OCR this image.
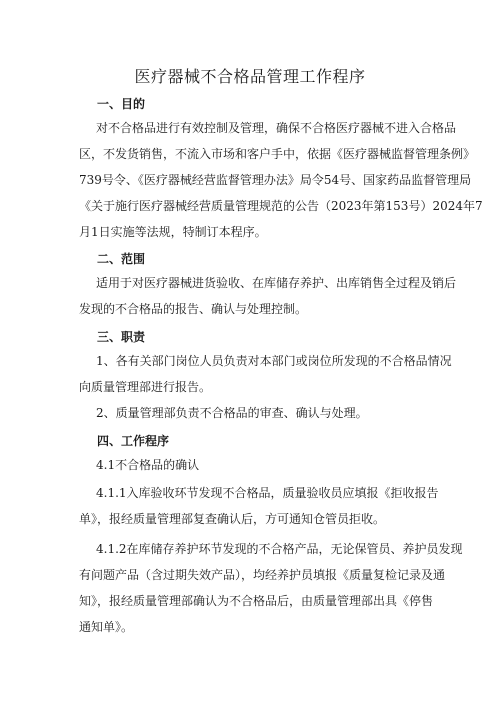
医疗器械不合格品管理工作程序
一、目的
对不合格品进行有效控制及管理，确保不合格医疗器械不进入合格品
区，不发货销售，不流入市场和客户手中，依据《医疗器械监督管理条例》
739号令、《医疗器械经营监督管理办法》局令54号、国家药品监督管理局
《关于施行医疗器械经营质量管理规范的公告（2023年第153号）2024年7
月1日实施等法规，特制订本程序。
二、范围
适用于对医疗器械进货验收、在库储存养护、出库销售全过程及销后
发现的不合格品的报告、确认与处理控制。
三、职责
1、各有关部门岗位人员负责对本部门或岗位所发现的不合格品情况
向质量管理部进行报告。
2、质量管理部负责不合格品的审查、确认与处理。
四、工作程序
4.1不合格品的确认
4.1.1入库验收环节发现不合格品，质量验收员应填报《拒收报告
单》，报经质量管理部复查确认后，方可通知仓管员拒收。
4.1.2在库储存养护环节发现的不合格产品，无论保管员、养护员发现
有问题产品（含过期失效产品），均经养护员填报《质量复检记录及通
知》，报经质量管理部确认为不合格品后，由质量管理部出具《停售
通知单》。
